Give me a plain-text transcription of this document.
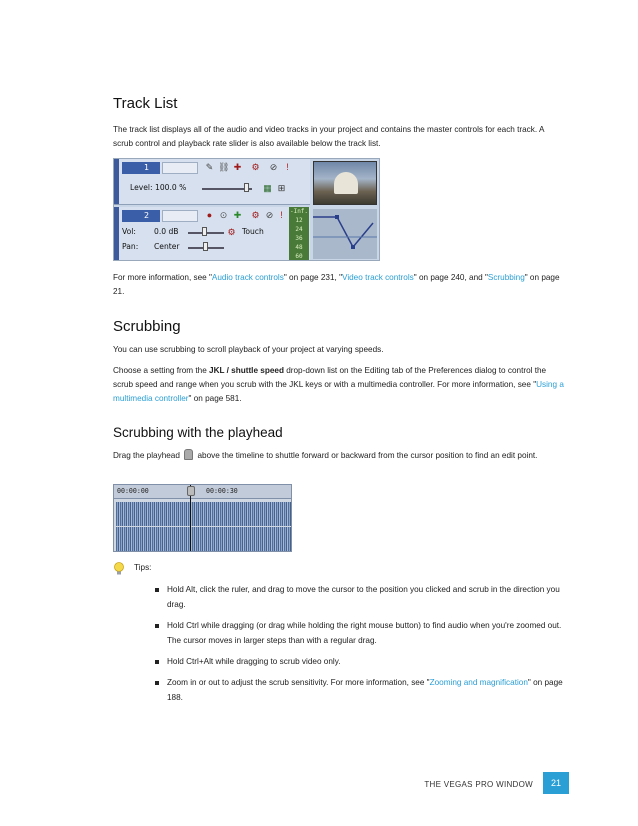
Track List
The track list displays all of the audio and video tracks in your project and contains the master controls for each track. A scrub control and playback rate slider is also available below the track list.
1	✎ ⛓ ✚ ⚙ ⊘ !
Level: 100.0 %	▦ ⊞
2	● ⊙ ✚ ⚙ ⊘ !
Vol: 0.0 dB	⚙ Touch
Pan: Center
-Inf.
12
24
36
48
60
For more information, see "Audio track controls" on page 231, "Video track controls" on page 240, and "Scrubbing" on page 21.
Scrubbing
You can use scrubbing to scroll playback of your project at varying speeds.
Choose a setting from the JKL / shuttle speed drop-down list on the Editing tab of the Preferences dialog to control the scrub speed and range when you scrub with the JKL keys or with a multimedia controller. For more information, see "Using a multimedia controller" on page 581.
Scrubbing with the playhead
Drag the playhead  above the timeline to shuttle forward or backward from the cursor position to find an edit point.
00:00:00	00:00:30
Tips:
Hold Alt, click the ruler, and drag to move the cursor to the position you clicked and scrub in the direction you drag.
Hold Ctrl while dragging (or drag while holding the right mouse button) to find audio when you're zoomed out. The cursor moves in larger steps than with a regular drag.
Hold Ctrl+Alt while dragging to scrub video only.
Zoom in or out to adjust the scrub sensitivity. For more information, see "Zooming and magnification" on page 188.
THE VEGAS PRO WINDOW	21
